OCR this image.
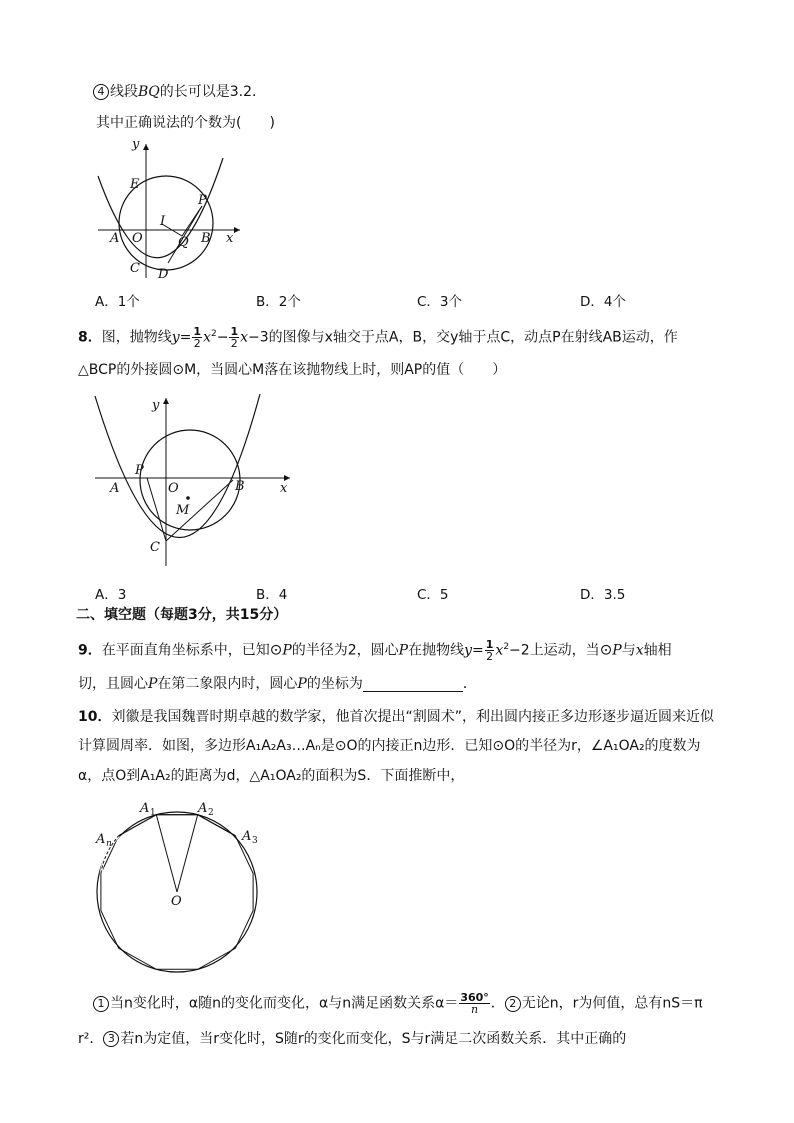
4 线段BQ的长可以是3.2．
其中正确说法的个数为(　　)
y
x
E
P
I
A O	Q B
C D
A．1个	B．2个	C．3个	D．4个
8．图，抛物线$y= \frac{1}{2} x^2- \frac{1}{2} x-3$的图像与x轴交于点A，B，交y轴于点C，动点P在射线AB运动，作
△BCP的外接圆⊙M，当圆心M落在该抛物线上时，则AP的值（　　）
y
x
P
A	O	B
M
C
A．3	B．4	C．5	D．3.5
二、填空题（每题3分，共15分）
9．在平面直角坐标系中，已知⊙P的半径为2，圆心P在抛物线$y= \frac{1}{2} x^2-2$上运动，当⊙P与x轴相
切，且圆心P在第二象限内时，圆心P的坐标为	．
10．刘徽是我国魏晋时期卓越的数学家，他首次提出“割圆术”，利出圆内接正多边形逐步逼近圆来近似
计算圆周率．如图，多边形A₁A₂A₃…Aₙ是⊙O的内接正n边形．已知⊙O的半径为r，∠A₁OA₂的度数为
α，点O到A₁A₂的距离为d，△A₁OA₂的面积为S．下面推断中，
A 1	A 2
A 3
A n
O
1 当n变化时，α随n的变化而变化，α与n满足函数关系$\alpha= \frac{360^\circ}{n}$ ． 2 无论n，r为何值，总有nS＝π
r²． 3 若n为定值，当r变化时，S随r的变化而变化，S与r满足二次函数关系．其中正确的
